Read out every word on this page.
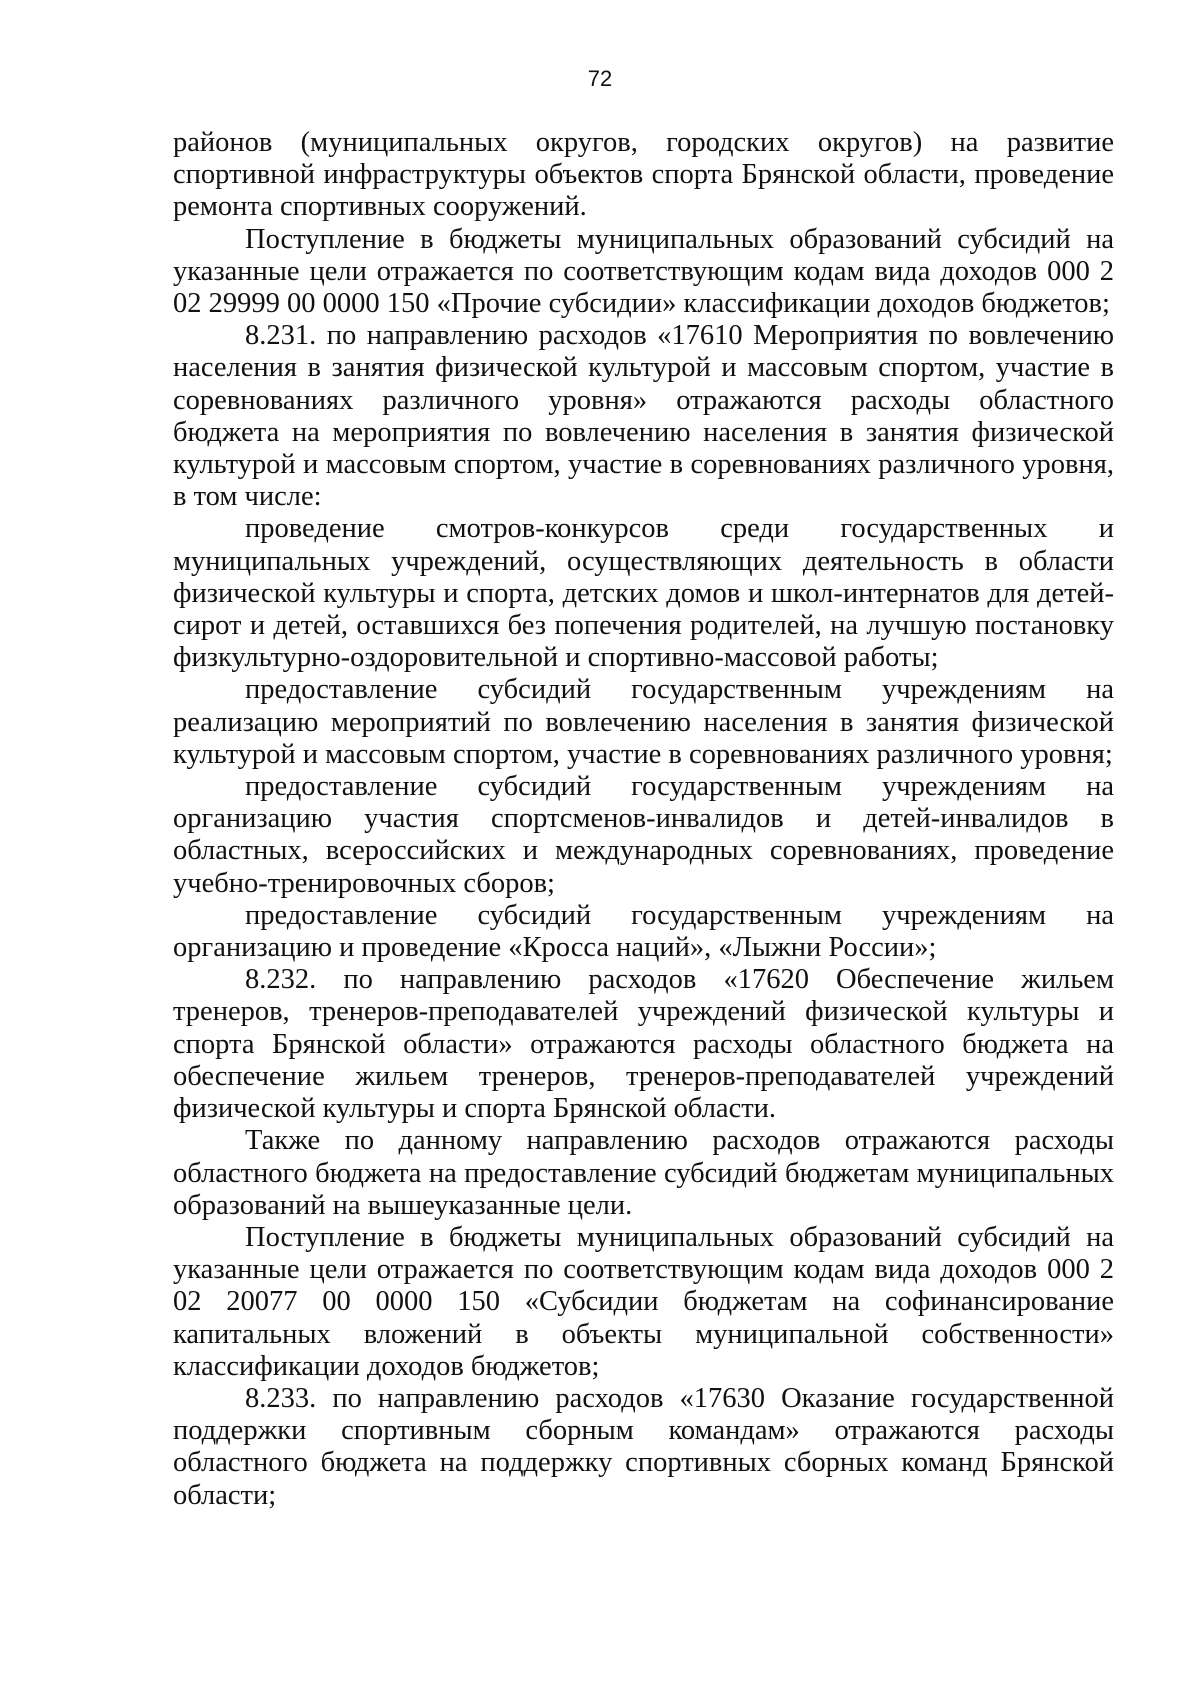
72

районов (муниципальных округов, городских округов) на развитие спортивной инфраструктуры объектов спорта Брянской области, проведение ремонта спортивных сооружений.

Поступление в бюджеты муниципальных образований субсидий на указанные цели отражается по соответствующим кодам вида доходов 000 2 02 29999 00 0000 150 «Прочие субсидии» классификации доходов бюджетов;

8.231. по направлению расходов «17610 Мероприятия по вовлечению населения в занятия физической культурой и массовым спортом, участие в соревнованиях различного уровня» отражаются расходы областного бюджета на мероприятия по вовлечению населения в занятия физической культурой и массовым спортом, участие в соревнованиях различного уровня, в том числе:

проведение смотров-конкурсов среди государственных и муниципальных учреждений, осуществляющих деятельность в области физической культуры и спорта, детских домов и школ-интернатов для детей-сирот и детей, оставшихся без попечения родителей, на лучшую постановку физкультурно-оздоровительной и спортивно-массовой работы;

предоставление субсидий государственным учреждениям на реализацию мероприятий по вовлечению населения в занятия физической культурой и массовым спортом, участие в соревнованиях различного уровня;

предоставление субсидий государственным учреждениям на организацию участия спортсменов-инвалидов и детей-инвалидов в областных, всероссийских и международных соревнованиях, проведение учебно-тренировочных сборов;

предоставление субсидий государственным учреждениям на организацию и проведение «Кросса наций», «Лыжни России»;

8.232. по направлению расходов «17620 Обеспечение жильем тренеров, тренеров-преподавателей учреждений физической культуры и спорта Брянской области» отражаются расходы областного бюджета на обеспечение жильем тренеров, тренеров-преподавателей учреждений физической культуры и спорта Брянской области.

Также по данному направлению расходов отражаются расходы областного бюджета на предоставление субсидий бюджетам муниципальных образований на вышеуказанные цели.

Поступление в бюджеты муниципальных образований субсидий на указанные цели отражается по соответствующим кодам вида доходов 000 2 02 20077 00 0000 150 «Субсидии бюджетам на софинансирование капитальных вложений в объекты муниципальной собственности» классификации доходов бюджетов;

8.233. по направлению расходов «17630 Оказание государственной поддержки спортивным сборным командам» отражаются расходы областного бюджета на поддержку спортивных сборных команд Брянской области;
